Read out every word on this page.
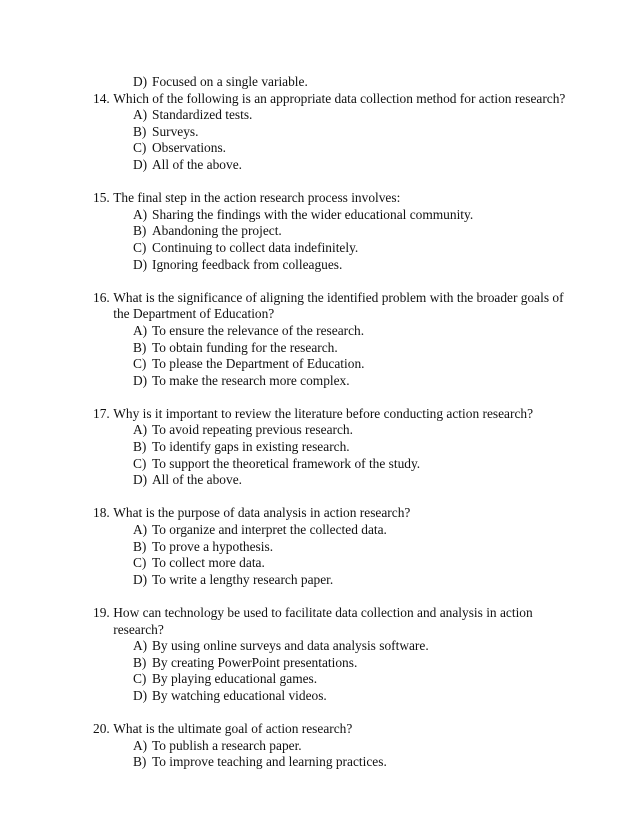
D) Focused on a single variable.
14. Which of the following is an appropriate data collection method for action research?
A) Standardized tests.
B) Surveys.
C) Observations.
D) All of the above.
15. The final step in the action research process involves:
A) Sharing the findings with the wider educational community.
B) Abandoning the project.
C) Continuing to collect data indefinitely.
D) Ignoring feedback from colleagues.
16. What is the significance of aligning the identified problem with the broader goals of the Department of Education?
A) To ensure the relevance of the research.
B) To obtain funding for the research.
C) To please the Department of Education.
D) To make the research more complex.
17. Why is it important to review the literature before conducting action research?
A) To avoid repeating previous research.
B) To identify gaps in existing research.
C) To support the theoretical framework of the study.
D) All of the above.
18. What is the purpose of data analysis in action research?
A) To organize and interpret the collected data.
B) To prove a hypothesis.
C) To collect more data.
D) To write a lengthy research paper.
19. How can technology be used to facilitate data collection and analysis in action research?
A) By using online surveys and data analysis software.
B) By creating PowerPoint presentations.
C) By playing educational games.
D) By watching educational videos.
20. What is the ultimate goal of action research?
A) To publish a research paper.
B) To improve teaching and learning practices.
